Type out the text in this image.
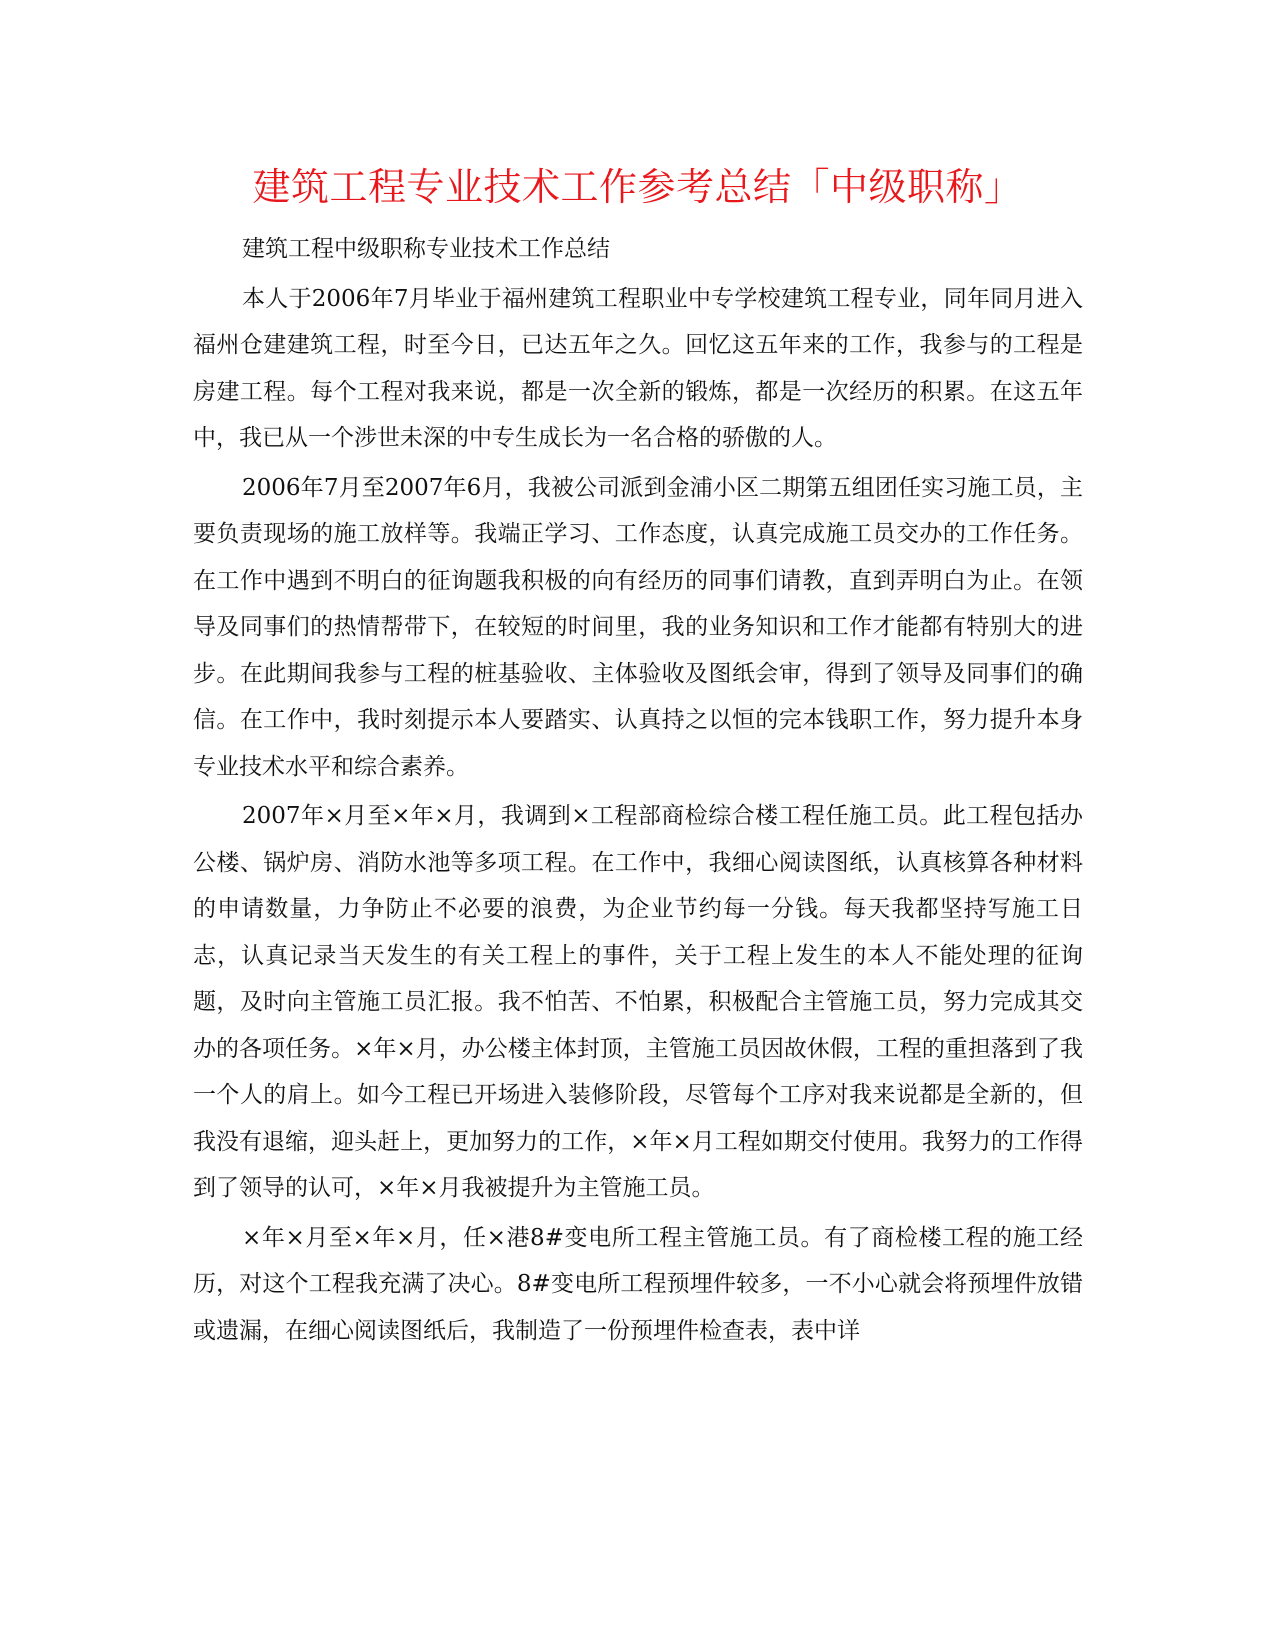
建筑工程专业技术工作参考总结「中级职称」

建筑工程中级职称专业技术工作总结

本人于2006年7月毕业于福州建筑工程职业中专学校建筑工程专业，同年同月进入福州仓建建筑工程，时至今日，已达五年之久。回忆这五年来的工作，我参与的工程是房建工程。每个工程对我来说，都是一次全新的锻炼，都是一次经历的积累。在这五年中，我已从一个涉世未深的中专生成长为一名合格的骄傲的人。

2006年7月至2007年6月，我被公司派到金浦小区二期第五组团任实习施工员，主要负责现场的施工放样等。我端正学习、工作态度，认真完成施工员交办的工作任务。在工作中遇到不明白的征询题我积极的向有经历的同事们请教，直到弄明白为止。在领导及同事们的热情帮带下，在较短的时间里，我的业务知识和工作才能都有特别大的进步。在此期间我参与工程的桩基验收、主体验收及图纸会审，得到了领导及同事们的确信。在工作中，我时刻提示本人要踏实、认真持之以恒的完本钱职工作，努力提升本身专业技术水平和综合素养。

2007年×月至×年×月，我调到×工程部商检综合楼工程任施工员。此工程包括办公楼、锅炉房、消防水池等多项工程。在工作中，我细心阅读图纸，认真核算各种材料的申请数量，力争防止不必要的浪费，为企业节约每一分钱。每天我都坚持写施工日志，认真记录当天发生的有关工程上的事件，关于工程上发生的本人不能处理的征询题，及时向主管施工员汇报。我不怕苦、不怕累，积极配合主管施工员，努力完成其交办的各项任务。×年×月，办公楼主体封顶，主管施工员因故休假，工程的重担落到了我一个人的肩上。如今工程已开场进入装修阶段，尽管每个工序对我来说都是全新的，但我没有退缩，迎头赶上，更加努力的工作，×年×月工程如期交付使用。我努力的工作得到了领导的认可，×年×月我被提升为主管施工员。

×年×月至×年×月，任×港8#变电所工程主管施工员。有了商检楼工程的施工经历，对这个工程我充满了决心。8#变电所工程预埋件较多，一不小心就会将预埋件放错或遗漏，在细心阅读图纸后，我制造了一份预埋件检查表，表中详
